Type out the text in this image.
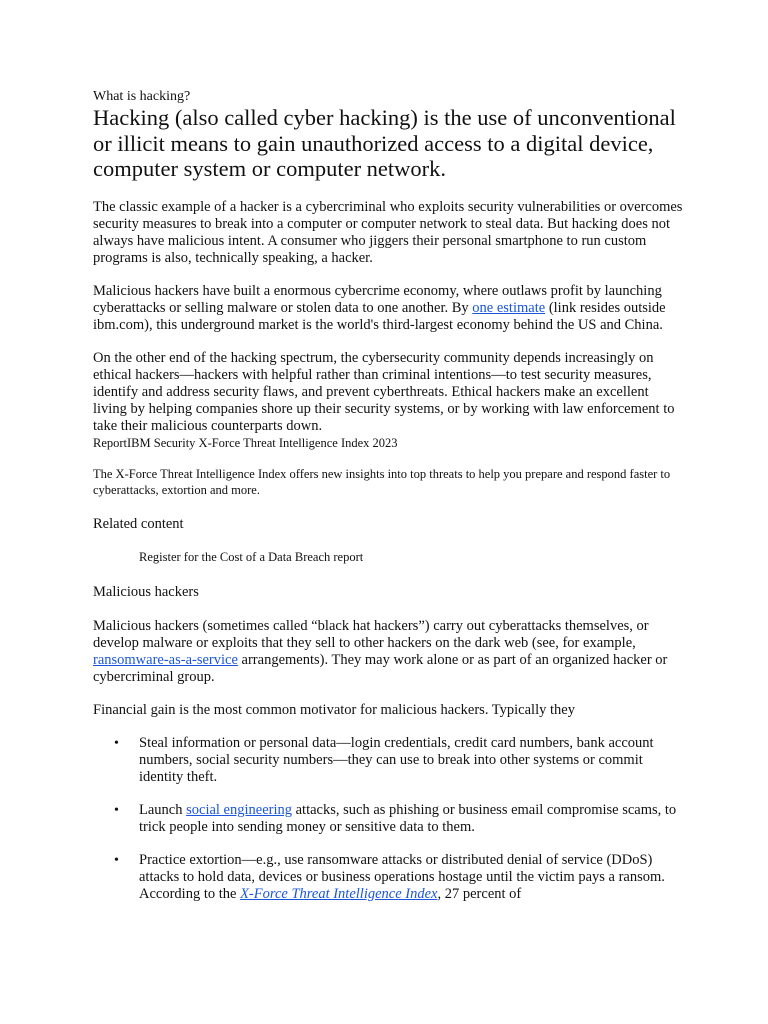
What is hacking?

Hacking (also called cyber hacking) is the use of unconventional or illicit means to gain unauthorized access to a digital device, computer system or computer network.

The classic example of a hacker is a cybercriminal who exploits security vulnerabilities or overcomes security measures to break into a computer or computer network to steal data. But hacking does not always have malicious intent. A consumer who jiggers their personal smartphone to run custom programs is also, technically speaking, a hacker.

Malicious hackers have built a enormous cybercrime economy, where outlaws profit by launching cyberattacks or selling malware or stolen data to one another. By one estimate (link resides outside ibm.com), this underground market is the world's third-largest economy behind the US and China.

On the other end of the hacking spectrum, the cybersecurity community depends increasingly on ethical hackers—hackers with helpful rather than criminal intentions—to test security measures, identify and address security flaws, and prevent cyberthreats. Ethical hackers make an excellent living by helping companies shore up their security systems, or by working with law enforcement to take their malicious counterparts down.

ReportIBM Security X-Force Threat Intelligence Index 2023

The X-Force Threat Intelligence Index offers new insights into top threats to help you prepare and respond faster to cyberattacks, extortion and more.

Related content

Register for the Cost of a Data Breach report

Malicious hackers

Malicious hackers (sometimes called “black hat hackers”) carry out cyberattacks themselves, or develop malware or exploits that they sell to other hackers on the dark web (see, for example, ransomware-as-a-service arrangements). They may work alone or as part of an organized hacker or cybercriminal group.

Financial gain is the most common motivator for malicious hackers. Typically they

• Steal information or personal data—login credentials, credit card numbers, bank account numbers, social security numbers—they can use to break into other systems or commit identity theft.
• Launch social engineering attacks, such as phishing or business email compromise scams, to trick people into sending money or sensitive data to them.
• Practice extortion—e.g., use ransomware attacks or distributed denial of service (DDoS) attacks to hold data, devices or business operations hostage until the victim pays a ransom. According to the X-Force Threat Intelligence Index, 27 percent of
